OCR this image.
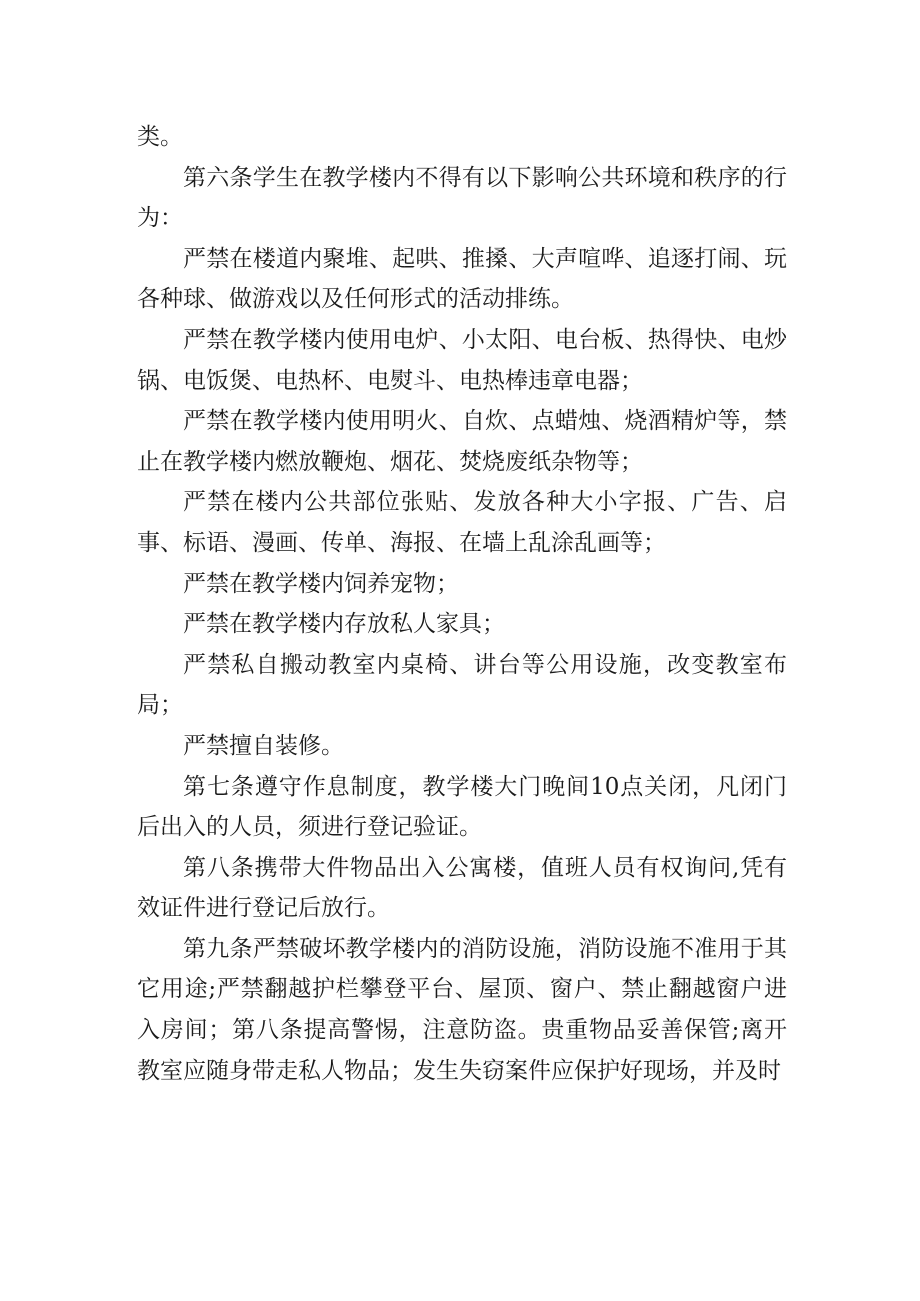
类。

第六条学生在教学楼内不得有以下影响公共环境和秩序的行为：

严禁在楼道内聚堆、起哄、推搡、大声喧哗、追逐打闹、玩各种球、做游戏以及任何形式的活动排练。

严禁在教学楼内使用电炉、小太阳、电台板、热得快、电炒锅、电饭煲、电热杯、电熨斗、电热棒违章电器；

严禁在教学楼内使用明火、自炊、点蜡烛、烧酒精炉等，禁止在教学楼内燃放鞭炮、烟花、焚烧废纸杂物等；

严禁在楼内公共部位张贴、发放各种大小字报、广告、启事、标语、漫画、传单、海报、在墙上乱涂乱画等；

严禁在教学楼内饲养宠物；

严禁在教学楼内存放私人家具；

严禁私自搬动教室内桌椅、讲台等公用设施，改变教室布局；

严禁擅自装修。

第七条遵守作息制度，教学楼大门晚间10点关闭，凡闭门后出入的人员，须进行登记验证。

第八条携带大件物品出入公寓楼，值班人员有权询问,凭有效证件进行登记后放行。

第九条严禁破坏教学楼内的消防设施，消防设施不准用于其它用途;严禁翻越护栏攀登平台、屋顶、窗户、禁止翻越窗户进入房间；第八条提高警惕，注意防盗。贵重物品妥善保管;离开教室应随身带走私人物品；发生失窃案件应保护好现场，并及时
